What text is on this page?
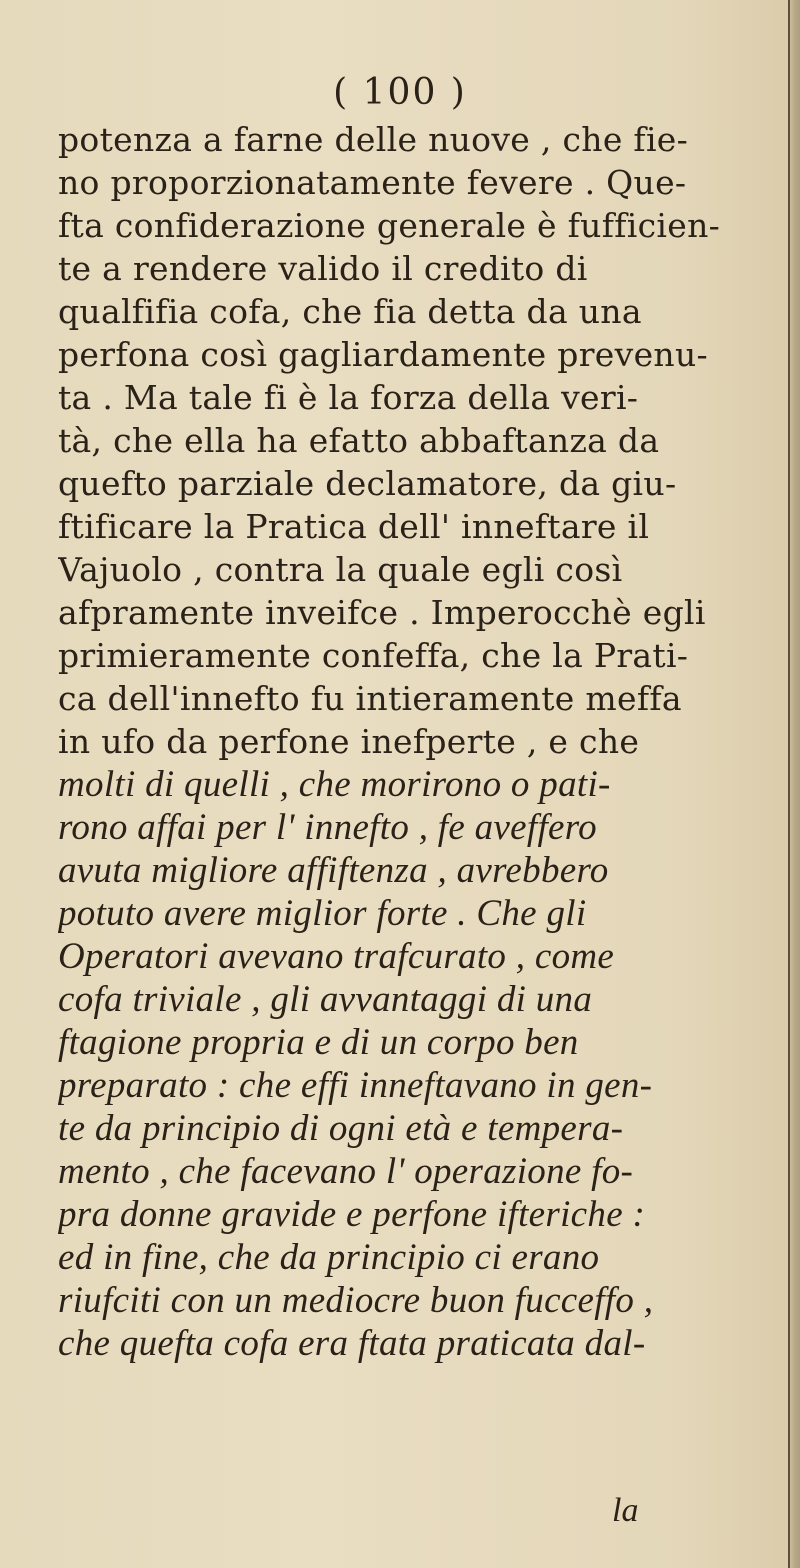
( 100 )
potenza a farne delle nuove , che fie-
no proporzionatamente fevere . Que-
fta confiderazione generale è fufficien-
te a rendere valido il credito di
qualfifia cofa, che fia detta da una
perfona così gagliardamente prevenu-
ta . Ma tale fi è la forza della veri-
tà, che ella ha efatto abbaftanza da
quefto parziale declamatore, da giu-
ftificare la Pratica dell' inneftare il
Vajuolo , contra la quale egli così
afpramente inveifce . Imperocchè egli
primieramente confeffa, che la Prati-
ca dell'innefto fu intieramente meffa
in ufo da perfone inefperte , e che
molti di quelli , che morirono o pati-
rono affai per l' innefto , fe aveffero
avuta migliore affiftenza , avrebbero
potuto avere miglior forte . Che gli
Operatori avevano trafcurato , come
cofa triviale , gli avvantaggi di una
ftagione propria e di un corpo ben
preparato : che effi inneftavano in gen-
te da principio di ogni età e tempera-
mento , che facevano l' operazione fo-
pra donne gravide e perfone ifteriche :
ed in fine, che da principio ci erano
riufciti con un mediocre buon fucceffo ,
che quefta cofa era ftata praticata dal-
la
